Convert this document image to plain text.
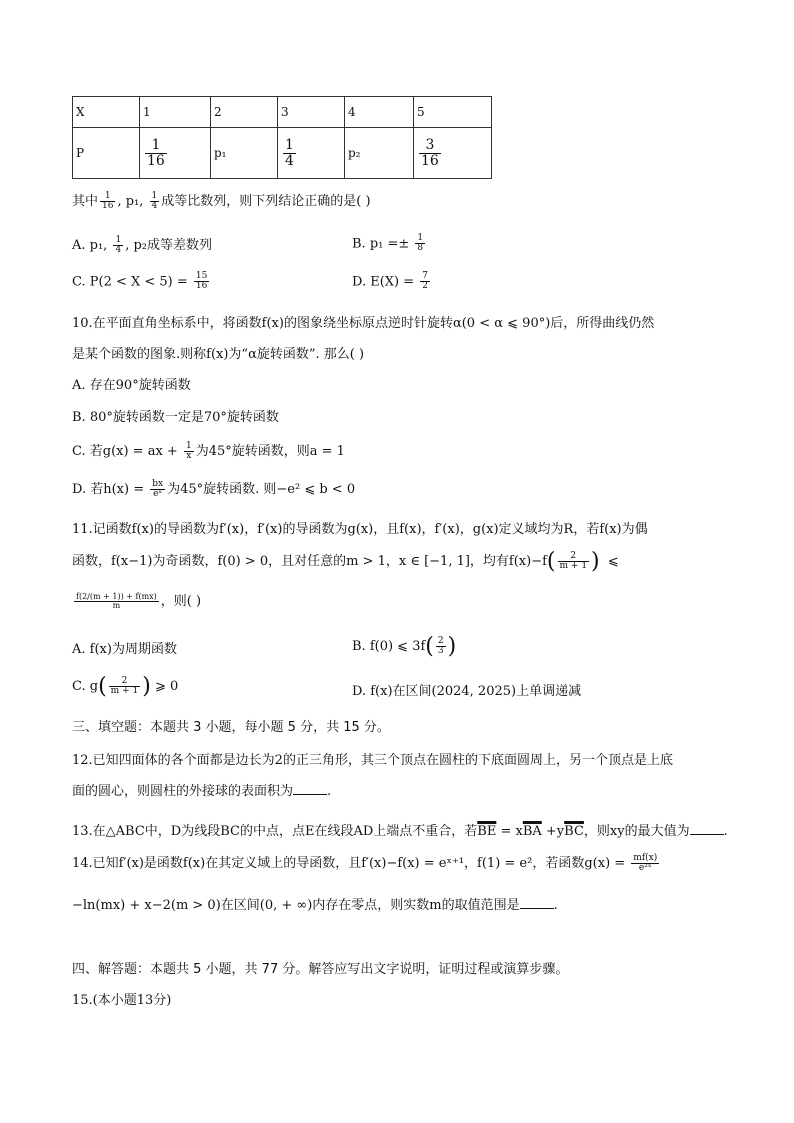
X	1	2	3	4	5
P	$\frac{1}{16}$	p₁	$\frac{1}{4}$	p₂	$\frac{3}{16}$
其中 $\frac{1}{16}$ , p₁, $\frac{1}{4}$ 成等比数列，则下列结论正确的是( )
A. p₁, $\frac{1}{4}$ , p₂成等差数列	B. $p_1 =\pm \frac{1}{8}$
C. $P(2 < X < 5) = \frac{15}{16}$	D. $E(X) = \frac{7}{2}$
10.在平面直角坐标系中，将函数f(x)的图象绕坐标原点逆时针旋转α(0 < α ⩽ 90°)后，所得曲线仍然
是某个函数的图象.则称f(x)为“α旋转函数”. 那么( )
A. 存在90°旋转函数
B. 80°旋转函数一定是70°旋转函数
C. 若g(x) = ax + $\frac{1}{x}$ 为45°旋转函数，则a = 1
D. 若$h(x) = \frac{bx}{\text{eˣ}}$ 为45°旋转函数. 则−e² ⩽ b < 0
11.记函数f(x)的导函数为f′(x)，f′(x)的导函数为g(x)，且f(x)，f′(x)，g(x)定义域均为R，若f(x)为偶
函数，f(x−1)为奇函数，f(0) > 0，且对任意的m > 1，x ∈ [−1, 1]，均有$f(x)-f( \frac{2}{m + 1}$ ) ⩽
$\frac{f(2/(m + 1)) + f(mx)}{m}$ ，则( )
A. f(x)为周期函数	B. f(0) ⩽ $3f( \frac{2}{3}$ )
C. $g( \frac{2}{m + 1}$ ) ⩾ 0	D. f(x)在区间(2024, 2025)上单调递减
三、填空题：本题共 3 小题，每小题 5 分，共 15 分。
12.已知四面体的各个面都是边长为2的正三角形，其三个顶点在圆柱的下底面圆周上，另一个顶点是上底
面的圆心，则圆柱的外接球的表面积为	.
13.在△ABC中，D为线段BC的中点，点E在线段AD上端点不重合，若$\overline{BE} = x\overline{BA} +y\overline{BC}$，则xy的最大值为	.
14.已知f′(x)是函数f(x)在其定义域上的导函数，且f′(x)−f(x) = eˣ⁺¹，f(1) = e²，若函数$g(x) = \frac{mf(x)}{\text{e²ˣ}}$
−ln(mx) + x−2(m > 0)在区间(0, + ∞)内存在零点，则实数m的取值范围是	.
四、解答题：本题共 5 小题，共 77 分。解答应写出文字说明，证明过程或演算步骤。
15.(本小题13分)
